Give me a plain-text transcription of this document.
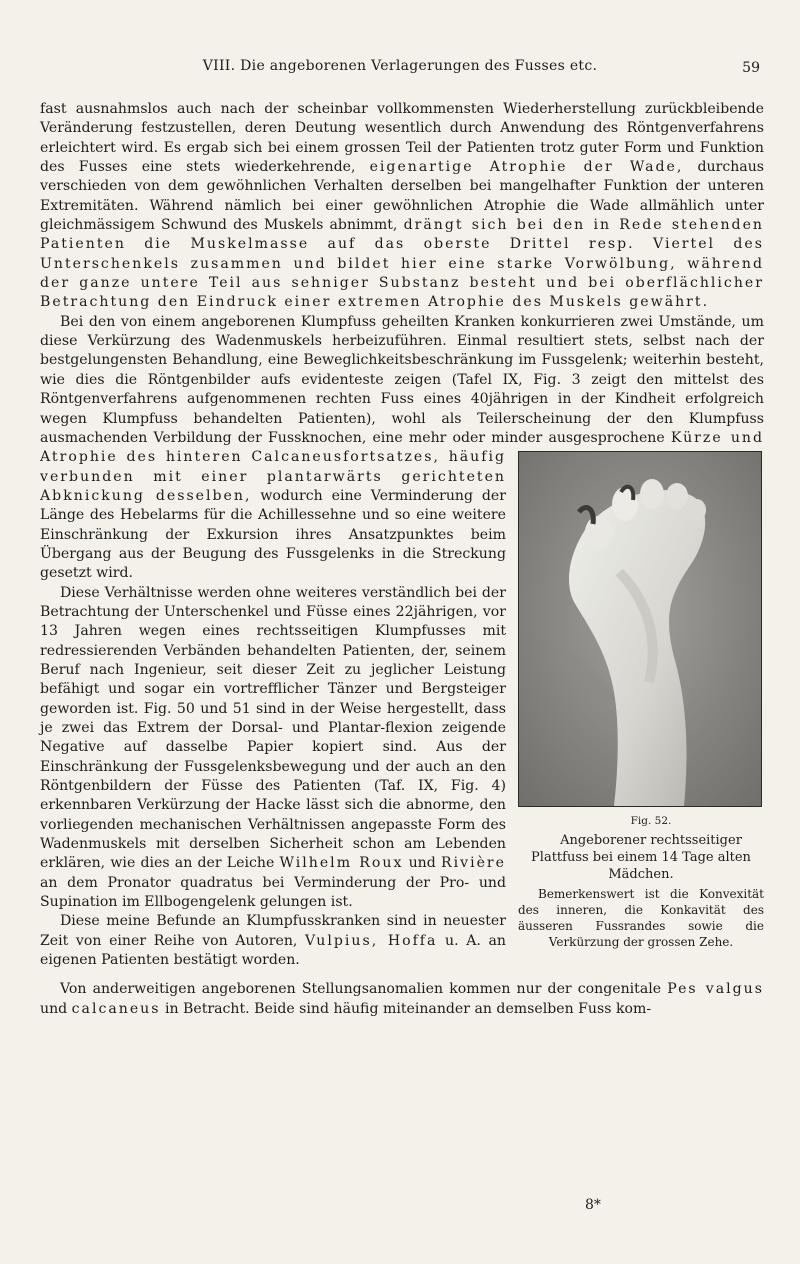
VIII. Die angeborenen Verlagerungen des Fusses etc.	59

fast ausnahmslos auch nach der scheinbar vollkommensten Wiederherstellung zurückbleibende Veränderung festzustellen, deren Deutung wesentlich durch Anwendung des Röntgenverfahrens erleichtert wird. Es ergab sich bei einem grossen Teil der Patienten trotz guter Form und Funktion des Fusses eine stets wiederkehrende, eigenartige Atrophie der Wade, durchaus verschieden von dem gewöhnlichen Verhalten derselben bei mangelhafter Funktion der unteren Extremitäten. Während nämlich bei einer gewöhnlichen Atrophie die Wade allmählich unter gleichmässigem Schwund des Muskels abnimmt, drängt sich bei den in Rede stehenden Patienten die Muskelmasse auf das oberste Drittel resp. Viertel des Unterschenkels zusammen und bildet hier eine starke Vorwölbung, während der ganze untere Teil aus sehniger Substanz besteht und bei oberflächlicher Betrachtung den Eindruck einer extremen Atrophie des Muskels gewährt.

Bei den von einem angeborenen Klumpfuss geheilten Kranken konkurrieren zwei Umstände, um diese Verkürzung des Wadenmuskels herbeizuführen. Einmal resultiert stets, selbst nach der bestgelungensten Behandlung, eine Beweglichkeitsbeschränkung im Fussgelenk; weiterhin besteht, wie dies die Röntgenbilder aufs evidenteste zeigen (Tafel IX, Fig. 3 zeigt den mittelst des Röntgenverfahrens aufgenommenen rechten Fuss eines 40jährigen in der Kindheit erfolgreich wegen Klumpfuss behandelten Patienten), wohl als Teilerscheinung der den Klumpfuss ausmachenden Verbildung der Fussknochen, eine mehr oder minder ausgesprochene
Fig. 52.
Angeborener rechtsseitiger Plattfuss bei einem 14 Tage alten Mädchen.
Bemerkenswert ist die Konvexität des inneren, die Konkavität des äusseren Fussrandes sowie die Verkürzung der grossen Zehe.
Kürze und Atrophie des hinteren Calcaneusfortsatzes, häufig verbunden mit einer plantarwärts gerichteten Abknickung desselben, wodurch eine Verminderung der Länge des Hebelarms für die Achillessehne und so eine weitere Einschränkung der Exkursion ihres Ansatzpunktes beim Übergang aus der Beugung des Fussgelenks in die Streckung gesetzt wird.

Diese Verhältnisse werden ohne weiteres verständlich bei der Betrachtung der Unterschenkel und Füsse eines 22jährigen, vor 13 Jahren wegen eines rechtsseitigen Klumpfusses mit redressierenden Verbänden behandelten Patienten, der, seinem Beruf nach Ingenieur, seit dieser Zeit zu jeglicher Leistung befähigt und sogar ein vortrefflicher Tänzer und Bergsteiger geworden ist. Fig. 50 und 51 sind in der Weise hergestellt, dass je zwei das Extrem der Dorsal- und Plantar-flexion zeigende Negative auf dasselbe Papier kopiert sind. Aus der Einschränkung der Fussgelenksbewegung und der auch an den Röntgenbildern der Füsse des Patienten (Taf. IX, Fig. 4) erkennbaren Verkürzung der Hacke lässt sich die abnorme, den vorliegenden mechanischen Verhältnissen angepasste Form des Wadenmuskels mit derselben Sicherheit schon am Lebenden erklären, wie dies an der Leiche Wilhelm Roux und Rivière an dem Pronator quadratus bei Verminderung der Pro- und Supination im Ellbogengelenk gelungen ist.

Diese meine Befunde an Klumpfusskranken sind in neuester Zeit von einer Reihe von Autoren, Vulpius, Hoffa u. A. an eigenen Patienten bestätigt worden.

Von anderweitigen angeborenen Stellungsanomalien kommen nur der congenitale Pes valgus und calcaneus in Betracht. Beide sind häufig miteinander an demselben Fuss kom-

8*
